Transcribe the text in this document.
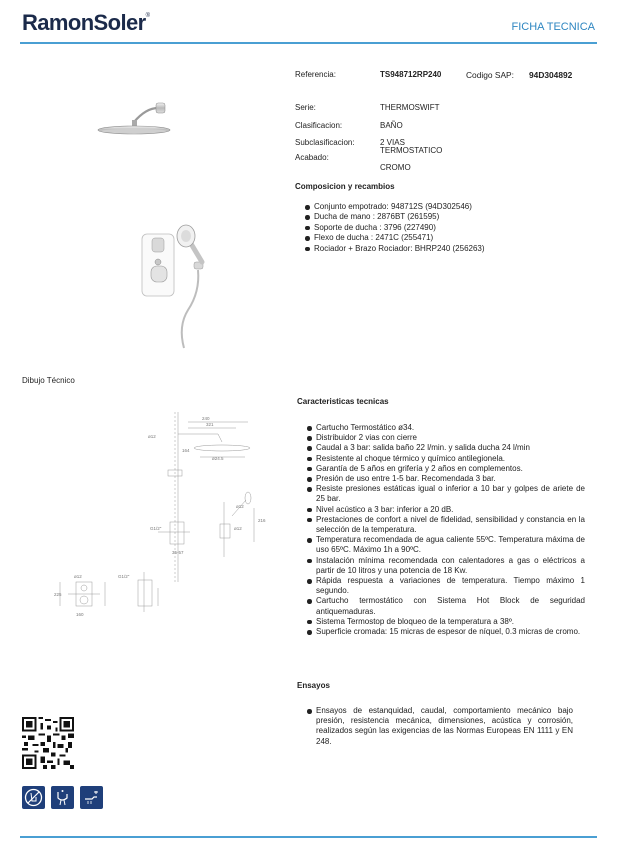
RamonSoler®
FICHA TECNICA
Referencia:	TS948712RP240	Codigo SAP: 94D304892
Serie:	THERMOSWIFT
Clasificacion:	BAÑO
Subclasificacion:	2 VIAS
TERMOSTATICO
Acabado:
CROMO
Composicion y recambios
Conjunto empotrado: 948712S (94D302546)
Ducha de mano : 2876BT (261595)
Soporte de ducha : 3796 (227490)
Flexo de ducha : 2471C (255471)
Rociador + Brazo Rociador: BHRP240 (256263)
Dibujo Técnico
240
321
ø12
ø24.5
164
G1/2"	ø12
216
ø12
35-57
ø12	G1/2"
225
160
Caracteristicas tecnicas
Cartucho Termostático ø34.
Distribuidor 2 vias con cierre
Caudal a 3 bar: salida baño 22 l/min. y salida ducha 24 l/min
Resistente al choque térmico y químico antilegionela.
Garantía de 5 años en grifería y 2 años en complementos.
Presión de uso entre 1-5 bar. Recomendada 3 bar.
Resiste presiones estáticas igual o inferior a 10 bar y golpes de ariete de 25 bar.
Nivel acústico a 3 bar: inferior a 20 dB.
Prestaciones de confort a nivel de fidelidad, sensibilidad y constancia en la selección de la temperatura.
Temperatura recomendada de agua caliente 55ºC. Temperatura máxima de uso 65ºC. Máximo 1h a 90ºC.
Instalación mínima recomendada con calentadores a gas o eléctricos a partir de 10 litros y una potencia de 18 Kw.
Rápida respuesta a variaciones de temperatura. Tiempo máximo 1 segundo.
Cartucho termostático con Sistema Hot Block de seguridad antiquemaduras.
Sistema Termostop de bloqueo de la temperatura a 38º.
Superficie cromada: 15 micras de espesor de níquel, 0.3 micras de cromo.
Ensayos
Ensayos de estanquidad, caudal, comportamiento mecánico bajo presión, resistencia mecánica, dimensiones, acústica y corrosión, realizados según las exigencias de las Normas Europeas EN 1111 y EN 248.
